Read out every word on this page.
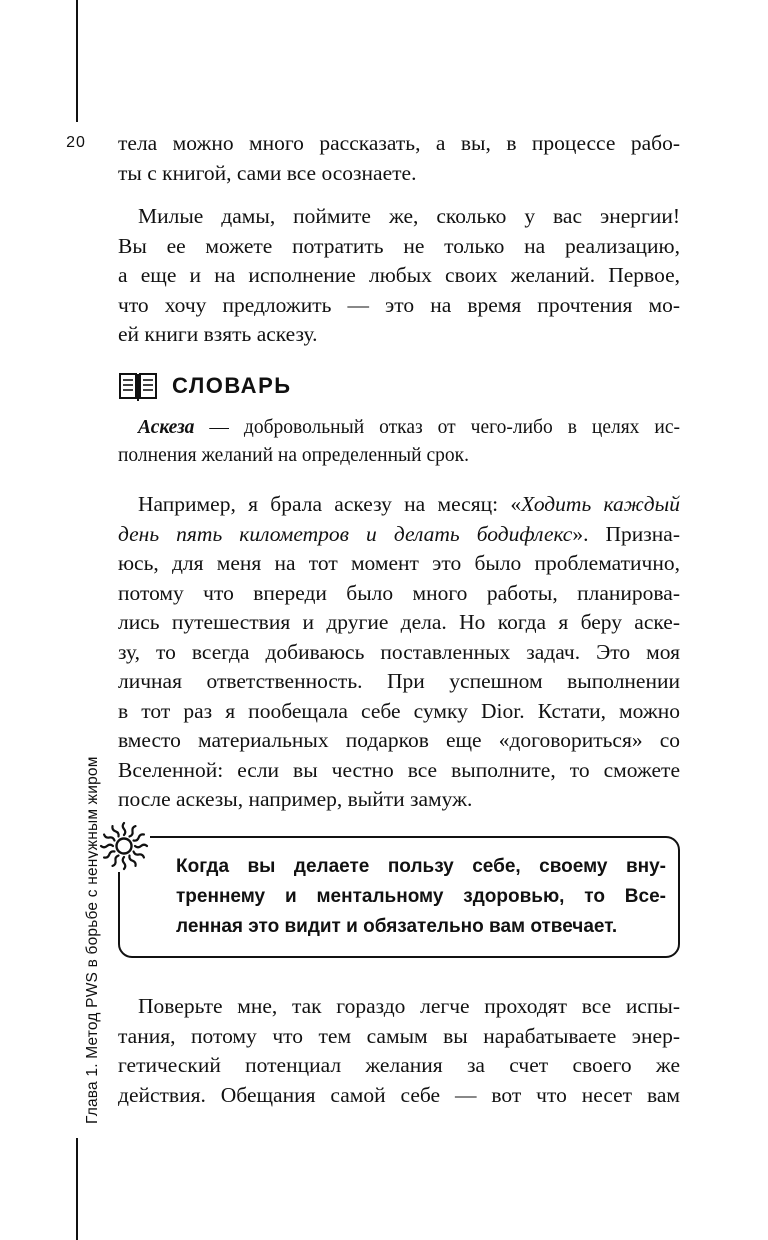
20
Глава 1. Метод PWS в борьбе с ненужным жиром

тела можно много рассказать, а вы, в процессе рабо-
ты с книгой, сами все осознаете.

Милые дамы, поймите же, сколько у вас энергии!
Вы ее можете потратить не только на реализацию,
а еще и на исполнение любых своих желаний. Первое,
что хочу предложить — это на время прочтения мо-
ей книги взять аскезу.

СЛОВАРЬ

Аскеза — добровольный отказ от чего-либо в целях ис-
полнения желаний на определенный срок.

Например, я брала аскезу на месяц: «Ходить каждый
день пять километров и делать бодифлекс». Призна-
юсь, для меня на тот момент это было проблематично,
потому что впереди было много работы, планирова-
лись путешествия и другие дела. Но когда я беру аске-
зу, то всегда добиваюсь поставленных задач. Это моя
личная ответственность. При успешном выполнении
в тот раз я пообещала себе сумку Dior. Кстати, можно
вместо материальных подарков еще «договориться» со
Вселенной: если вы честно все выполните, то сможете
после аскезы, например, выйти замуж.

Когда вы делаете пользу себе, своему вну-
треннему и ментальному здоровью, то Все-
ленная это видит и обязательно вам отвечает.

Поверьте мне, так гораздо легче проходят все испы-
тания, потому что тем самым вы нарабатываете энер-
гетический потенциал желания за счет своего же
действия. Обещания самой себе — вот что несет вам
